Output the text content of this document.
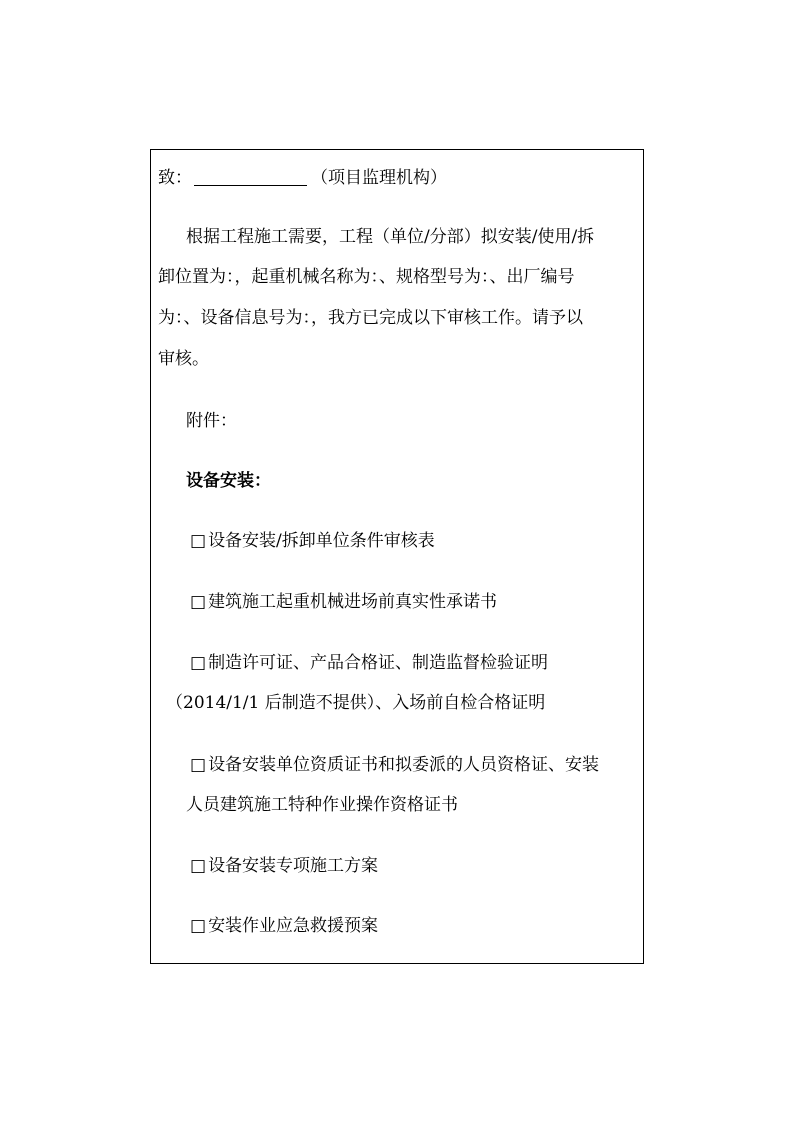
致：	（项目监理机构）
根据工程施工需要，工程（单位/分部）拟安装/使用/拆
卸位置为：，起重机械名称为：、规格型号为：、出厂编号
为：、设备信息号为：，我方已完成以下审核工作。请予以
审核。
附件：
设备安装：
□ 设备安装/拆卸单位条件审核表
□ 建筑施工起重机械进场前真实性承诺书
□ 制造许可证、产品合格证、制造监督检验证明
（2014/1/1 后制造不提供）、入场前自检合格证明
□ 设备安装单位资质证书和拟委派的人员资格证、安装
人员建筑施工特种作业操作资格证书
□ 设备安装专项施工方案
□ 安装作业应急救援预案
